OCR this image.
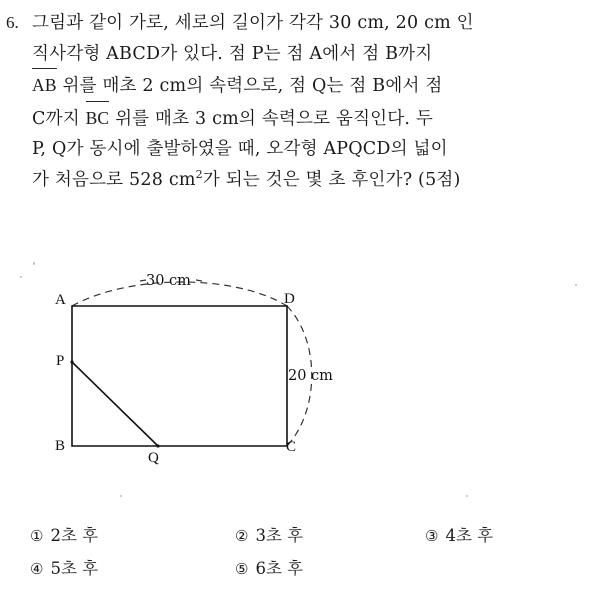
6. 그림과 같이 가로, 세로의 길이가 각각 30 cm, 20 cm 인
직사각형 ABCD가 있다. 점 P는 점 A에서 점 B까지
AB 위를 매초 2 cm의 속력으로, 점 Q는 점 B에서 점
C까지 BC 위를 매초 3 cm의 속력으로 움직인다. 두
P, Q가 동시에 출발하였을 때, 오각형 APQCD의 넓이
가 처음으로 528 $cm^2$가 되는 것은 몇 초 후인가? (5점)
A
B	C
D
P
Q
30 cm
20 cm
① 2초 후	② 3초 후	③ 4초 후
④ 5초 후	⑤ 6초 후
